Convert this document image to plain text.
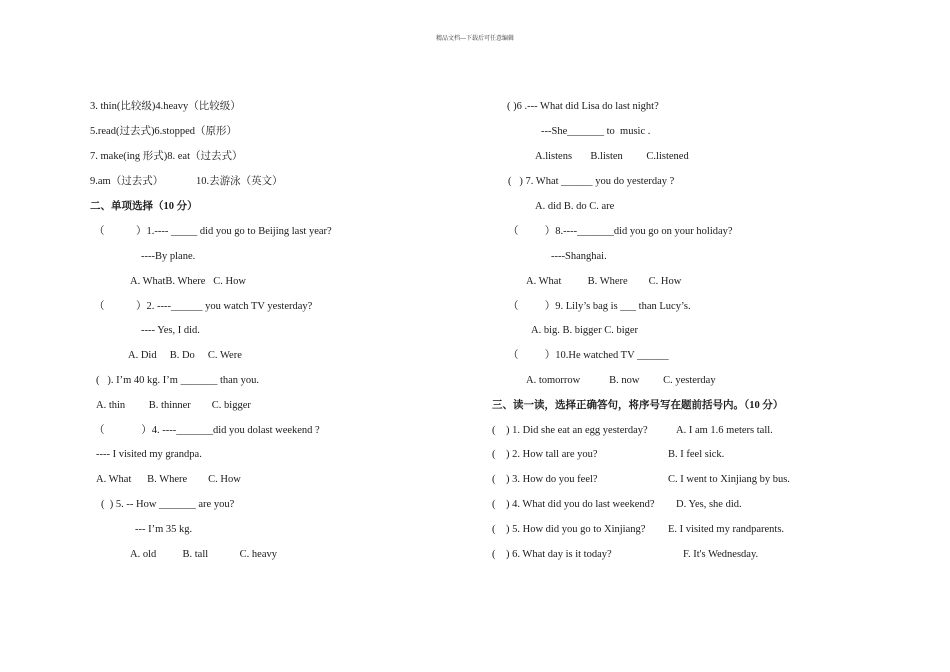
精品文档---下载后可任意编辑
3. thin(比较级)4.heavy（比较级）
5.read(过去式)6.stopped（原形）
7. make(ing 形式)8. eat（过去式）
9.am（过去式）	10.去游泳（英文）
二、单项选择（10 分）
（            ）1.---- _____ did you go to Beijing last year?
----By plane.
A. WhatB. Where   C. How
（            ）2. ----______ you watch TV yesterday?
---- Yes, I did.
A. Did     B. Do     C. Were
(   ). I’m 40 kg. I’m _______ than you.
A. thin         B. thinner        C. bigger
（              ）4. ----_______did you dolast weekend ?
---- I visited my grandpa.
A. What      B. Where        C. How
(  ) 5. -- How _______ are you?
--- I’m 35 kg.
A. old          B. tall            C. heavy
( )6 .--- What did Lisa do last night?
---She_______ to  music .
A.listens       B.listen         C.listened
(   ) 7. What ______ you do yesterday ?
A. did B. do C. are
（          ）8.----_______did you go on your holiday?
----Shanghai.
A. What          B. Where        C. How
（          ）9. Lily’s bag is ___ than Lucy’s.
A. big. B. bigger C. biger
（          ）10.He watched TV ______
A. tomorrow           B. now         C. yesterday
三、读一读，选择正确答句，将序号写在题前括号内。（10 分）
(    ) 1. Did she eat an egg yesterday?	A. I am 1.6 meters tall.
(    ) 2. How tall are you?	B. I feel sick.
(    ) 3. How do you feel?	C. I went to Xinjiang by bus.
(    ) 4. What did you do last weekend? D. Yes, she did.
(    ) 5. How did you go to Xinjiang? E. I visited my randparents.
(    ) 6. What day is it today?	F. It's Wednesday.
